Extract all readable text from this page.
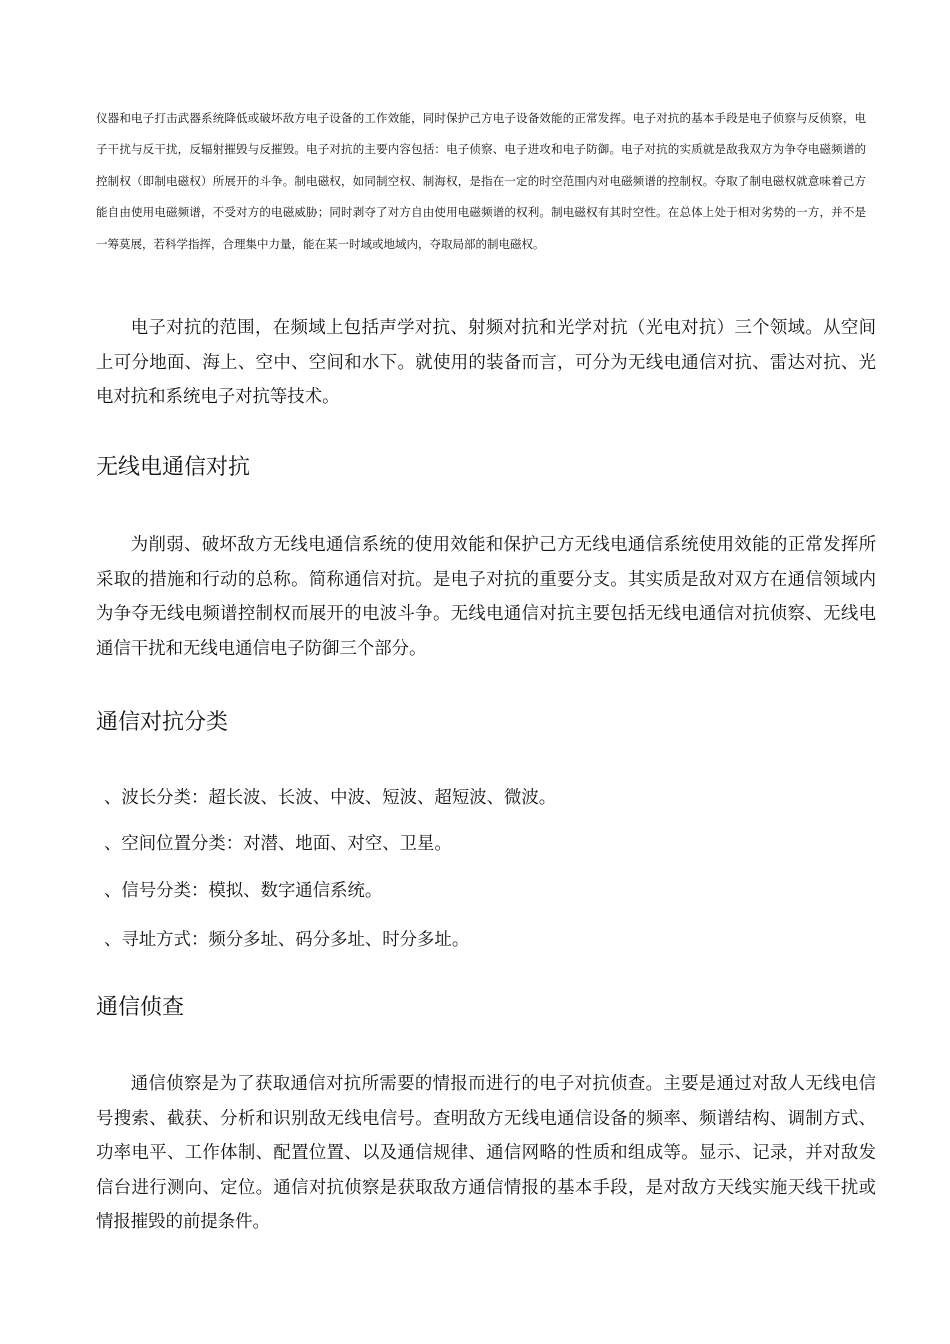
仪器和电子打击武器系统降低或破坏敌方电子设备的工作效能，同时保护己方电子设备效能的正常发挥。电子对抗的基本手段是电子侦察与反侦察，电子干扰与反干扰，反辐射摧毁与反摧毁。电子对抗的主要内容包括：电子侦察、电子进攻和电子防御。电子对抗的实质就是敌我双方为争夺电磁频谱的控制权（即制电磁权）所展开的斗争。制电磁权，如同制空权、制海权，是指在一定的时空范围内对电磁频谱的控制权。夺取了制电磁权就意味着己方能自由使用电磁频谱，不受对方的电磁威胁；同时剥夺了对方自由使用电磁频谱的权利。制电磁权有其时空性。在总体上处于相对劣势的一方，并不是一筹莫展，若科学指挥，合理集中力量，能在某一时域或地域内，夺取局部的制电磁权。

电子对抗的范围，在频域上包括声学对抗、射频对抗和光学对抗（光电对抗）三个领域。从空间上可分地面、海上、空中、空间和水下。就使用的装备而言，可分为无线电通信对抗、雷达对抗、光电对抗和系统电子对抗等技术。

无线电通信对抗

为削弱、破坏敌方无线电通信系统的使用效能和保护己方无线电通信系统使用效能的正常发挥所采取的措施和行动的总称。简称通信对抗。是电子对抗的重要分支。其实质是敌对双方在通信领域内为争夺无线电频谱控制权而展开的电波斗争。无线电通信对抗主要包括无线电通信对抗侦察、无线电通信干扰和无线电通信电子防御三个部分。

通信对抗分类

、波长分类：超长波、长波、中波、短波、超短波、微波。

、空间位置分类：对潜、地面、对空、卫星。

、信号分类：模拟、数字通信系统。

、寻址方式：频分多址、码分多址、时分多址。

通信侦查

通信侦察是为了获取通信对抗所需要的情报而进行的电子对抗侦查。主要是通过对敌人无线电信号搜索、截获、分析和识别敌无线电信号。查明敌方无线电通信设备的频率、频谱结构、调制方式、功率电平、工作体制、配置位置、以及通信规律、通信网略的性质和组成等。显示、记录，并对敌发信台进行测向、定位。通信对抗侦察是获取敌方通信情报的基本手段，是对敌方天线实施天线干扰或情报摧毁的前提条件。
